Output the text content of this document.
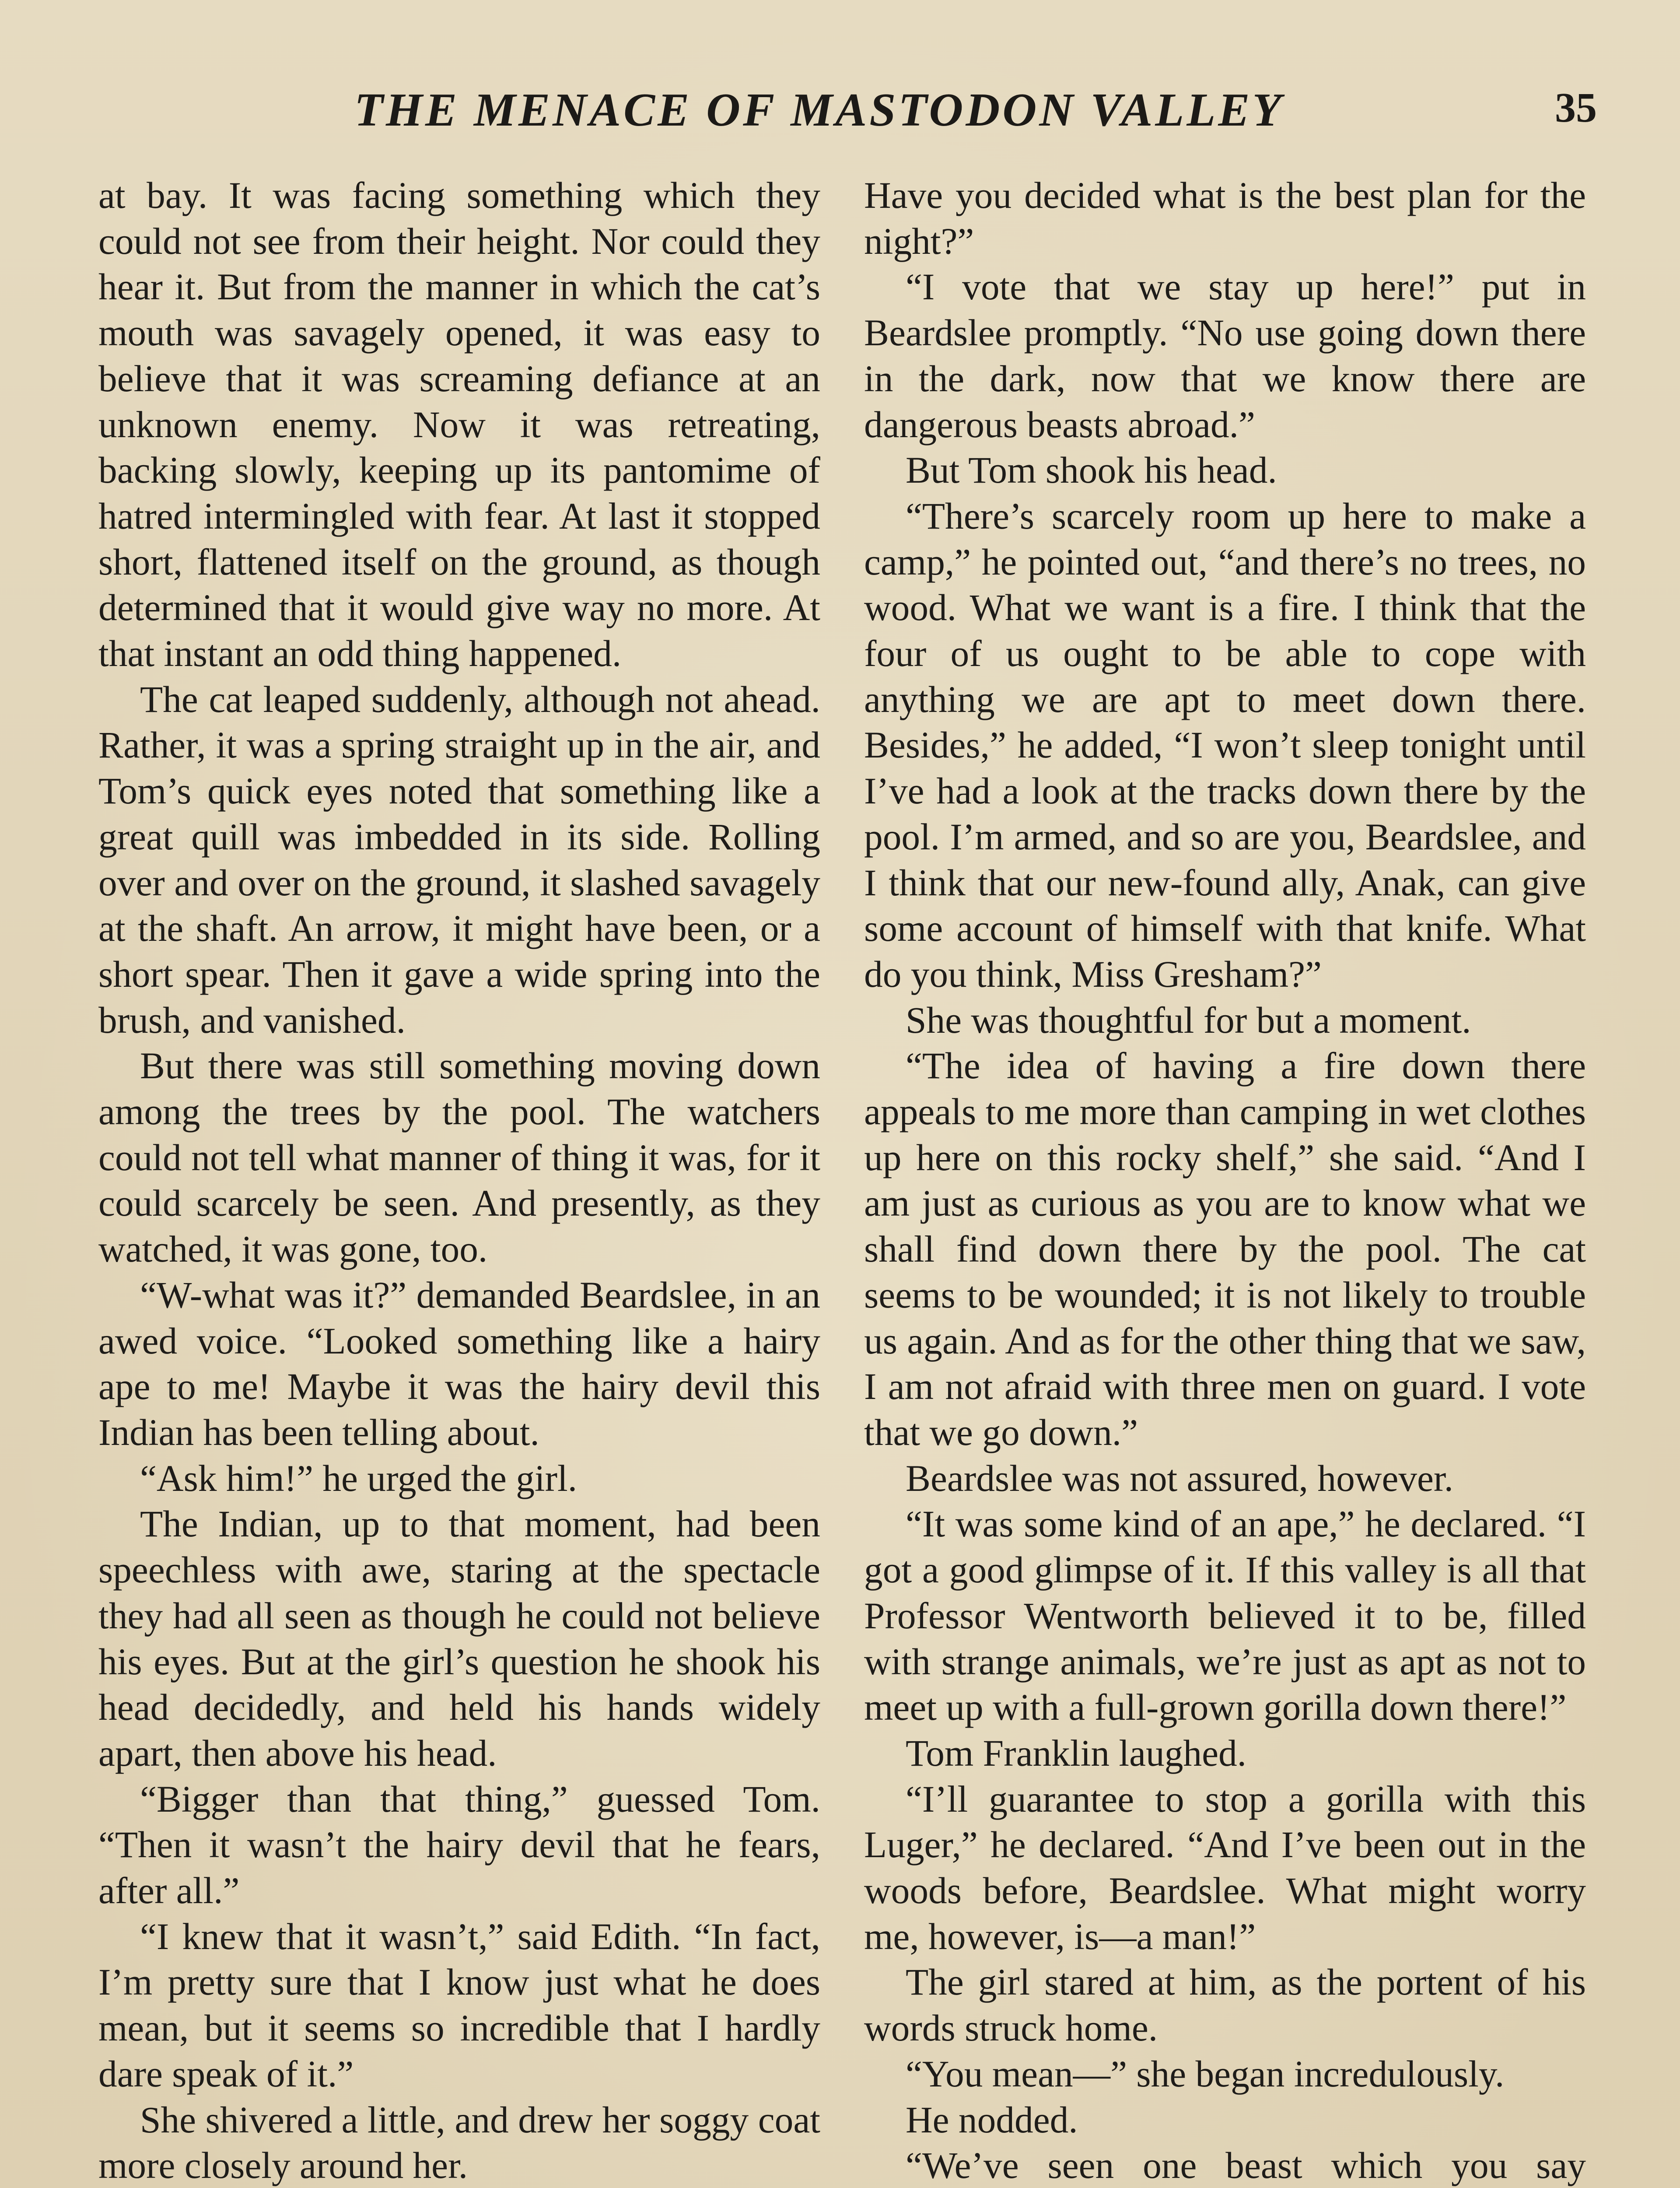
THE MENACE OF MASTODON VALLEY	35

at bay. It was facing something which they could not see from their height. Nor could they hear it. But from the manner in which the cat’s mouth was savagely opened, it was easy to believe that it was screaming defiance at an unknown enemy. Now it was retreating, backing slowly, keeping up its pantomime of hatred intermingled with fear. At last it stopped short, flattened itself on the ground, as though determined that it would give way no more. At that instant an odd thing happened.

The cat leaped suddenly, although not ahead. Rather, it was a spring straight up in the air, and Tom’s quick eyes noted that something like a great quill was imbedded in its side. Rolling over and over on the ground, it slashed savagely at the shaft. An arrow, it might have been, or a short spear. Then it gave a wide spring into the brush, and vanished.

But there was still something moving down among the trees by the pool. The watchers could not tell what manner of thing it was, for it could scarcely be seen. And presently, as they watched, it was gone, too.

“W-what was it?” demanded Beardslee, in an awed voice. “Looked something like a hairy ape to me! Maybe it was the hairy devil this Indian has been telling about.

“Ask him!” he urged the girl.

The Indian, up to that moment, had been speechless with awe, staring at the spectacle they had all seen as though he could not believe his eyes. But at the girl’s question he shook his head decidedly, and held his hands widely apart, then above his head.

“Bigger than that thing,” guessed Tom. “Then it wasn’t the hairy devil that he fears, after all.”

“I knew that it wasn’t,” said Edith. “In fact, I’m pretty sure that I know just what he does mean, but it seems so incredible that I hardly dare speak of it.”

She shivered a little, and drew her soggy coat more closely around her.

Have you decided what is the best plan for the night?”

“I vote that we stay up here!” put in Beardslee promptly. “No use going down there in the dark, now that we know there are dangerous beasts abroad.”

But Tom shook his head.

“There’s scarcely room up here to make a camp,” he pointed out, “and there’s no trees, no wood. What we want is a fire. I think that the four of us ought to be able to cope with anything we are apt to meet down there. Besides,” he added, “I won’t sleep tonight until I’ve had a look at the tracks down there by the pool. I’m armed, and so are you, Beardslee, and I think that our new-found ally, Anak, can give some account of himself with that knife. What do you think, Miss Gresham?”

She was thoughtful for but a moment.

“The idea of having a fire down there appeals to me more than camping in wet clothes up here on this rocky shelf,” she said. “And I am just as curious as you are to know what we shall find down there by the pool. The cat seems to be wounded; it is not likely to trouble us again. And as for the other thing that we saw, I am not afraid with three men on guard. I vote that we go down.”

Beardslee was not assured, however.

“It was some kind of an ape,” he declared. “I got a good glimpse of it. If this valley is all that Professor Wentworth believed it to be, filled with strange animals, we’re just as apt as not to meet up with a full-grown gorilla down there!”

Tom Franklin laughed.

“I’ll guarantee to stop a gorilla with this Luger,” he declared. “And I’ve been out in the woods before, Beardslee. What might worry me, however, is—a man!”

The girl stared at him, as the portent of his words struck home.

“You mean—” she began incredulously.

He nodded.

“We’ve seen one beast which you say
